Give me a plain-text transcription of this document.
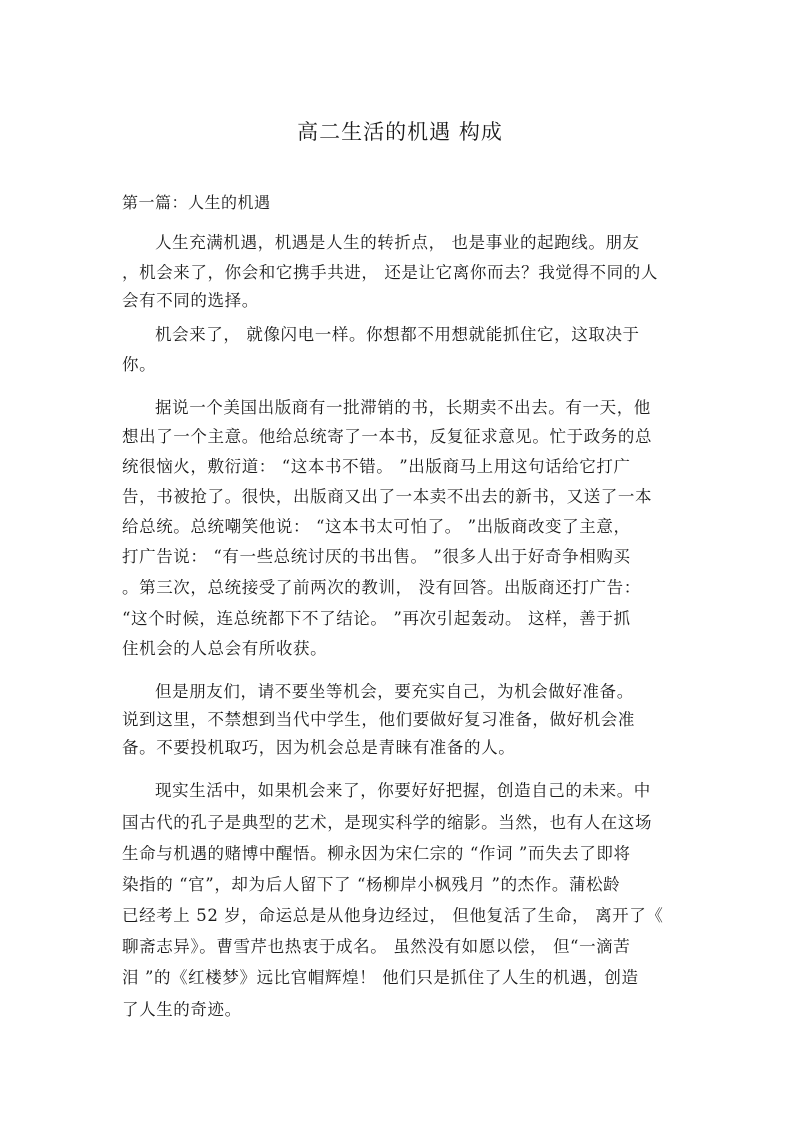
高二生活的机遇 构成
第一篇：人生的机遇
人生充满机遇，机遇是人生的转折点， 也是事业的起跑线。朋友
，机会来了，你会和它携手共进， 还是让它离你而去？我觉得不同的人
会有不同的选择。
机会来了， 就像闪电一样。你想都不用想就能抓住它，这取决于
你。
据说一个美国出版商有一批滞销的书，长期卖不出去。有一天，他
想出了一个主意。他给总统寄了一本书，反复征求意见。忙于政务的总
统很恼火，敷衍道： “这本书不错。 ”出版商马上用这句话给它打广
告，书被抢了。很快，出版商又出了一本卖不出去的新书，又送了一本
给总统。总统嘲笑他说： “这本书太可怕了。 ”出版商改变了主意，
打广告说： “有一些总统讨厌的书出售。 ”很多人出于好奇争相购买
。第三次，总统接受了前两次的教训， 没有回答。出版商还打广告：
“这个时候，连总统都下不了结论。 ”再次引起轰动。 这样，善于抓
住机会的人总会有所收获。
但是朋友们，请不要坐等机会，要充实自己，为机会做好准备。
说到这里，不禁想到当代中学生，他们要做好复习准备，做好机会准
备。不要投机取巧，因为机会总是青睐有准备的人。
现实生活中，如果机会来了，你要好好把握，创造自己的未来。中
国古代的孔子是典型的艺术，是现实科学的缩影。当然，也有人在这场
生命与机遇的赌博中醒悟。柳永因为宋仁宗的 “作词 ”而失去了即将
染指的 “官”，却为后人留下了 “杨柳岸小枫残月 ”的杰作。蒲松龄
已经考上 52 岁，命运总是从他身边经过， 但他复活了生命， 离开了《
聊斋志异》。曹雪芹也热衷于成名。 虽然没有如愿以偿， 但“一滴苦
泪 ”的《红楼梦》远比官帽辉煌！ 他们只是抓住了人生的机遇，创造
了人生的奇迹。
